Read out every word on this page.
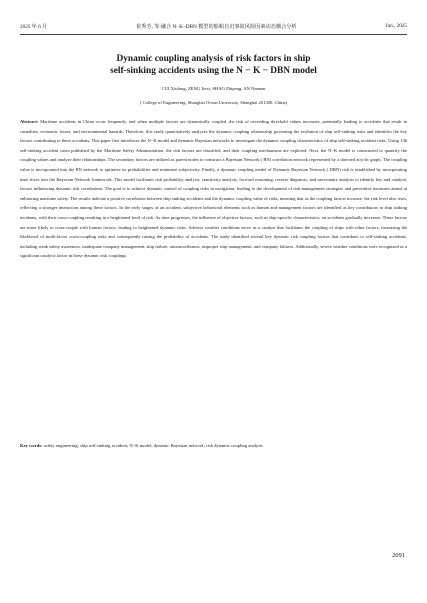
2025 年 6 月	崔秀芳, 等:融合 N−K−DBN 模型的船舶自沉事故风险因素动态耦合分析	Jun., 2025
Dynamic coupling analysis of risk factors in ship
self-sinking accidents using the N − K − DBN model
CUI Xiufang, ZENG Jiexi, SHAO Zhipeng, AN Nannan
( College of Engineering, Shanghai Ocean University, Shanghai 201306, China)
Abstract: Maritime accidents in China occur frequently, and when multiple factors are dynamically coupled, the risk of exceeding threshold values increases, potentially leading to accidents that result in casualties, economic losses, and environmental hazards. Therefore, this study quantitatively analyzes the dynamic coupling relationship governing the evolution of ship self-sinking risks and identifies the key factors contributing to these accidents. This paper first introduces the N−K model and dynamic Bayesian networks to investigate the dynamic coupling characteristics of ship self-sinking accident risks. Using 146 self-sinking accident cases published by the Maritime Safety Administration, the risk factors are classified, and their coupling mechanisms are explored. Next, the N−K model is constructed to quantify the coupling values and analyze their relationships. The secondary factors are utilized as parent nodes to construct a Bayesian Network ( BN) correlation network represented by a directed acyclic graph. The coupling value is incorporated into the BN network to optimize its probabilities and minimize subjectivity. Finally, a dynamic coupling model of Dynamic Bayesian Network ( DBN) risk is established by incorporating time slices into the Bayesian Network framework. This model facilitates risk probability analysis, sensitivity analysis, forward reasoning, reverse diagnosis, and uncertainty analysis to identify key and catalytic factors influencing dynamic risk correlations. The goal is to achieve dynamic control of coupling risks in navigation, leading to the development of risk management strategies and preventive measures aimed at enhancing maritime safety. The results indicate a positive correlation between ship sinking accidents and the dynamic coupling value of risks, meaning that as the coupling factors increase, the risk level also rises, reflecting a stronger interaction among these factors. In the early stages of an accident, subjective behavioral elements such as human and management factors are identified as key contributors to ship sinking incidents, with their cross-coupling resulting in a heightened level of risk. As time progresses, the influence of objective factors, such as ship-specific characteristics, on accidents gradually increases. These factors are more likely to cross-couple with human factors, leading to heightened dynamic risks. Adverse weather conditions serve as a catalyst that facilitates the coupling of ships with other factors, increasing the likelihood of multi-factor cross-coupling risks and consequently raising the probability of accidents. The study identified several key dynamic risk coupling factors that contribute to self-sinking accidents, including weak safety awareness, inadequate company management, ship failure, unseaworthiness, improper ship management, and company failures. Additionally, severe weather conditions were recognized as a significant catalytic factor in these dynamic risk couplings.
Key words: safety engineering; ship self-sinking accident; N−K model; dynamic Bayesian network; risk dynamic coupling analysis
2091
